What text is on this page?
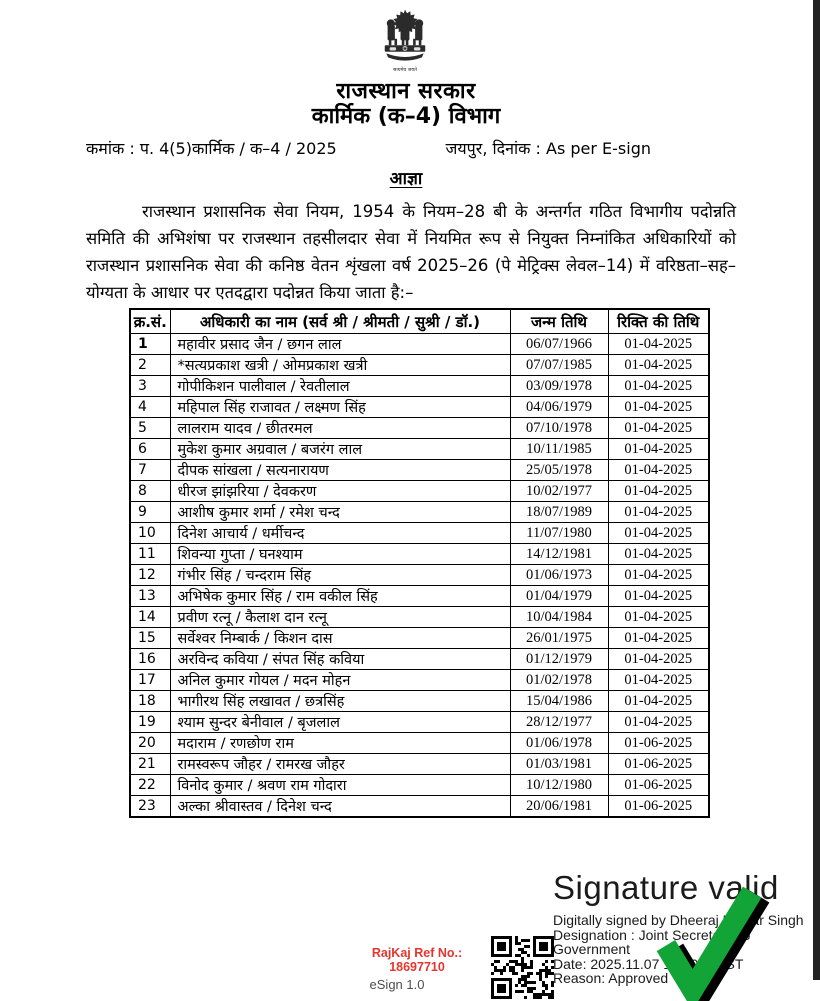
सत्यमेव जयते
राजस्थान सरकार
कार्मिक (क–4) विभाग
कमांक : प. 4(5)कार्मिक / क–4 / 2025	जयपुर, दिनांक : As per E-sign
आज्ञा
राजस्थान प्रशासनिक सेवा नियम, 1954 के नियम–28 बी के अन्तर्गत गठित विभागीय पदोन्नति समिति की अभिशंषा पर राजस्थान तहसीलदार सेवा में नियमित रूप से नियुक्त निम्नांकित अधिकारियों को राजस्थान प्रशासनिक सेवा की कनिष्ठ वेतन शृंखला वर्ष 2025–26 (पे मेट्रिक्स लेवल–14) में वरिष्ठता–सह–योग्यता के आधार पर एतदद्वारा पदोन्नत किया जाता है:–
क्र.सं.	अधिकारी का नाम (सर्व श्री / श्रीमती / सुश्री / डॉ.)	जन्म तिथि	रिक्ति की तिथि
1	महावीर प्रसाद जैन / छगन लाल	06/07/1966	01-04-2025
2	*सत्यप्रकाश खत्री / ओमप्रकाश खत्री	07/07/1985	01-04-2025
3	गोपीकिशन पालीवाल / रेवतीलाल	03/09/1978	01-04-2025
4	महिपाल सिंह राजावत / लक्ष्मण सिंह	04/06/1979	01-04-2025
5	लालराम यादव / छीतरमल	07/10/1978	01-04-2025
6	मुकेश कुमार अग्रवाल / बजरंग लाल	10/11/1985	01-04-2025
7	दीपक सांखला / सत्यनारायण	25/05/1978	01-04-2025
8	धीरज झांझरिया / देवकरण	10/02/1977	01-04-2025
9	आशीष कुमार शर्मा / रमेश चन्द	18/07/1989	01-04-2025
10	दिनेश आचार्य / धर्मीचन्द	11/07/1980	01-04-2025
11	शिवन्या गुप्ता / घनश्याम	14/12/1981	01-04-2025
12	गंभीर सिंह / चन्दराम सिंह	01/06/1973	01-04-2025
13	अभिषेक कुमार सिंह / राम वकील सिंह	01/04/1979	01-04-2025
14	प्रवीण रत्नू / कैलाश दान रत्नू	10/04/1984	01-04-2025
15	सर्वेश्वर निम्बार्क / किशन दास	26/01/1975	01-04-2025
16	अरविन्द कविया / संपत सिंह कविया	01/12/1979	01-04-2025
17	अनिल कुमार गोयल / मदन मोहन	01/02/1978	01-04-2025
18	भागीरथ सिंह लखावत / छत्रसिंह	15/04/1986	01-04-2025
19	श्याम सुन्दर बेनीवाल / बृजलाल	28/12/1977	01-04-2025
20	मदाराम / रणछोण राम	01/06/1978	01-06-2025
21	रामस्वरूप जौहर / रामरख जौहर	01/03/1981	01-06-2025
22	विनोद कुमार / श्रवण राम गोदारा	10/12/1980	01-06-2025
23	अल्का श्रीवास्तव / दिनेश चन्द	20/06/1981	01-06-2025
RajKaj Ref No.:
18697710
eSign 1.0
Signature valid
Digitally signed by Dheeraj Kumar Singh
Designation : Joint Secretary To
Government
Date: 2025.11.07 18:50:38 IST
Reason: Approved
